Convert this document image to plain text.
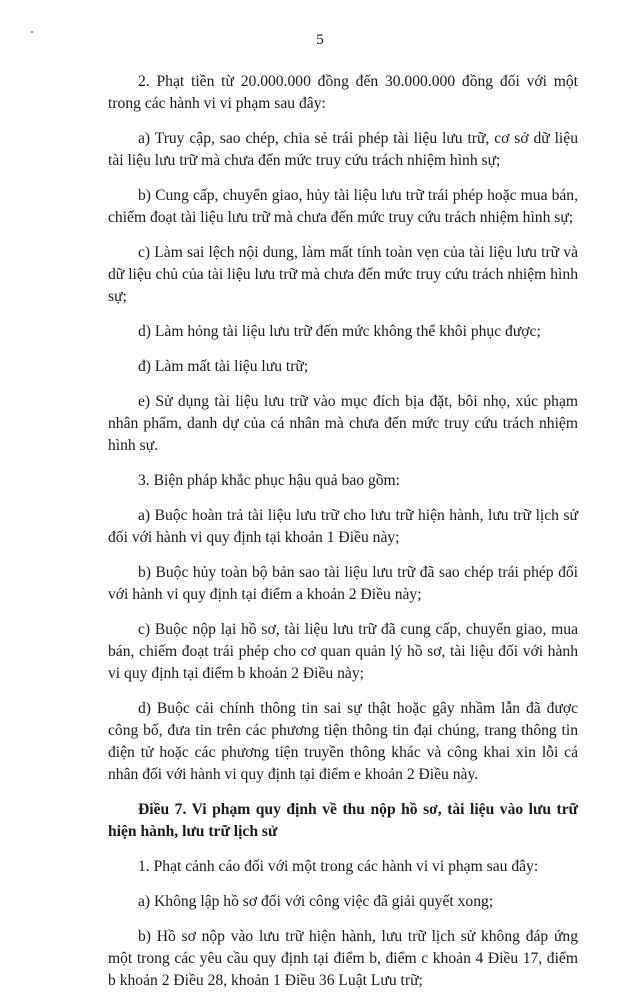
5

2. Phạt tiền từ 20.000.000 đồng đến 30.000.000 đồng đối với một trong các hành vi vi phạm sau đây:

a) Truy cập, sao chép, chia sẻ trái phép tài liệu lưu trữ, cơ sở dữ liệu tài liệu lưu trữ mà chưa đến mức truy cứu trách nhiệm hình sự;

b) Cung cấp, chuyển giao, hủy tài liệu lưu trữ trái phép hoặc mua bán, chiếm đoạt tài liệu lưu trữ mà chưa đến mức truy cứu trách nhiệm hình sự;

c) Làm sai lệch nội dung, làm mất tính toàn vẹn của tài liệu lưu trữ và dữ liệu chủ của tài liệu lưu trữ mà chưa đến mức truy cứu trách nhiệm hình sự;

d) Làm hỏng tài liệu lưu trữ đến mức không thể khôi phục được;

đ) Làm mất tài liệu lưu trữ;

e) Sử dụng tài liệu lưu trữ vào mục đích bịa đặt, bôi nhọ, xúc phạm nhân phẩm, danh dự của cá nhân mà chưa đến mức truy cứu trách nhiệm hình sự.

3. Biện pháp khắc phục hậu quả bao gồm:

a) Buộc hoàn trả tài liệu lưu trữ cho lưu trữ hiện hành, lưu trữ lịch sử đối với hành vi quy định tại khoản 1 Điều này;

b) Buộc hủy toàn bộ bản sao tài liệu lưu trữ đã sao chép trái phép đối với hành vi quy định tại điểm a khoản 2 Điều này;

c) Buộc nộp lại hồ sơ, tài liệu lưu trữ đã cung cấp, chuyển giao, mua bán, chiếm đoạt trái phép cho cơ quan quản lý hồ sơ, tài liệu đối với hành vi quy định tại điểm b khoản 2 Điều này;

d) Buộc cải chính thông tin sai sự thật hoặc gây nhầm lẫn đã được công bố, đưa tin trên các phương tiện thông tin đại chúng, trang thông tin điện tử hoặc các phương tiện truyền thông khác và công khai xin lỗi cá nhân đối với hành vi quy định tại điểm e khoản 2 Điều này.

Điều 7. Vi phạm quy định về thu nộp hồ sơ, tài liệu vào lưu trữ hiện hành, lưu trữ lịch sử

1. Phạt cảnh cáo đối với một trong các hành vi vi phạm sau đây:

a) Không lập hồ sơ đối với công việc đã giải quyết xong;

b) Hồ sơ nộp vào lưu trữ hiện hành, lưu trữ lịch sử không đáp ứng một trong các yêu cầu quy định tại điểm b, điểm c khoản 4 Điều 17, điểm b khoản 2 Điều 28, khoản 1 Điều 36 Luật Lưu trữ;
